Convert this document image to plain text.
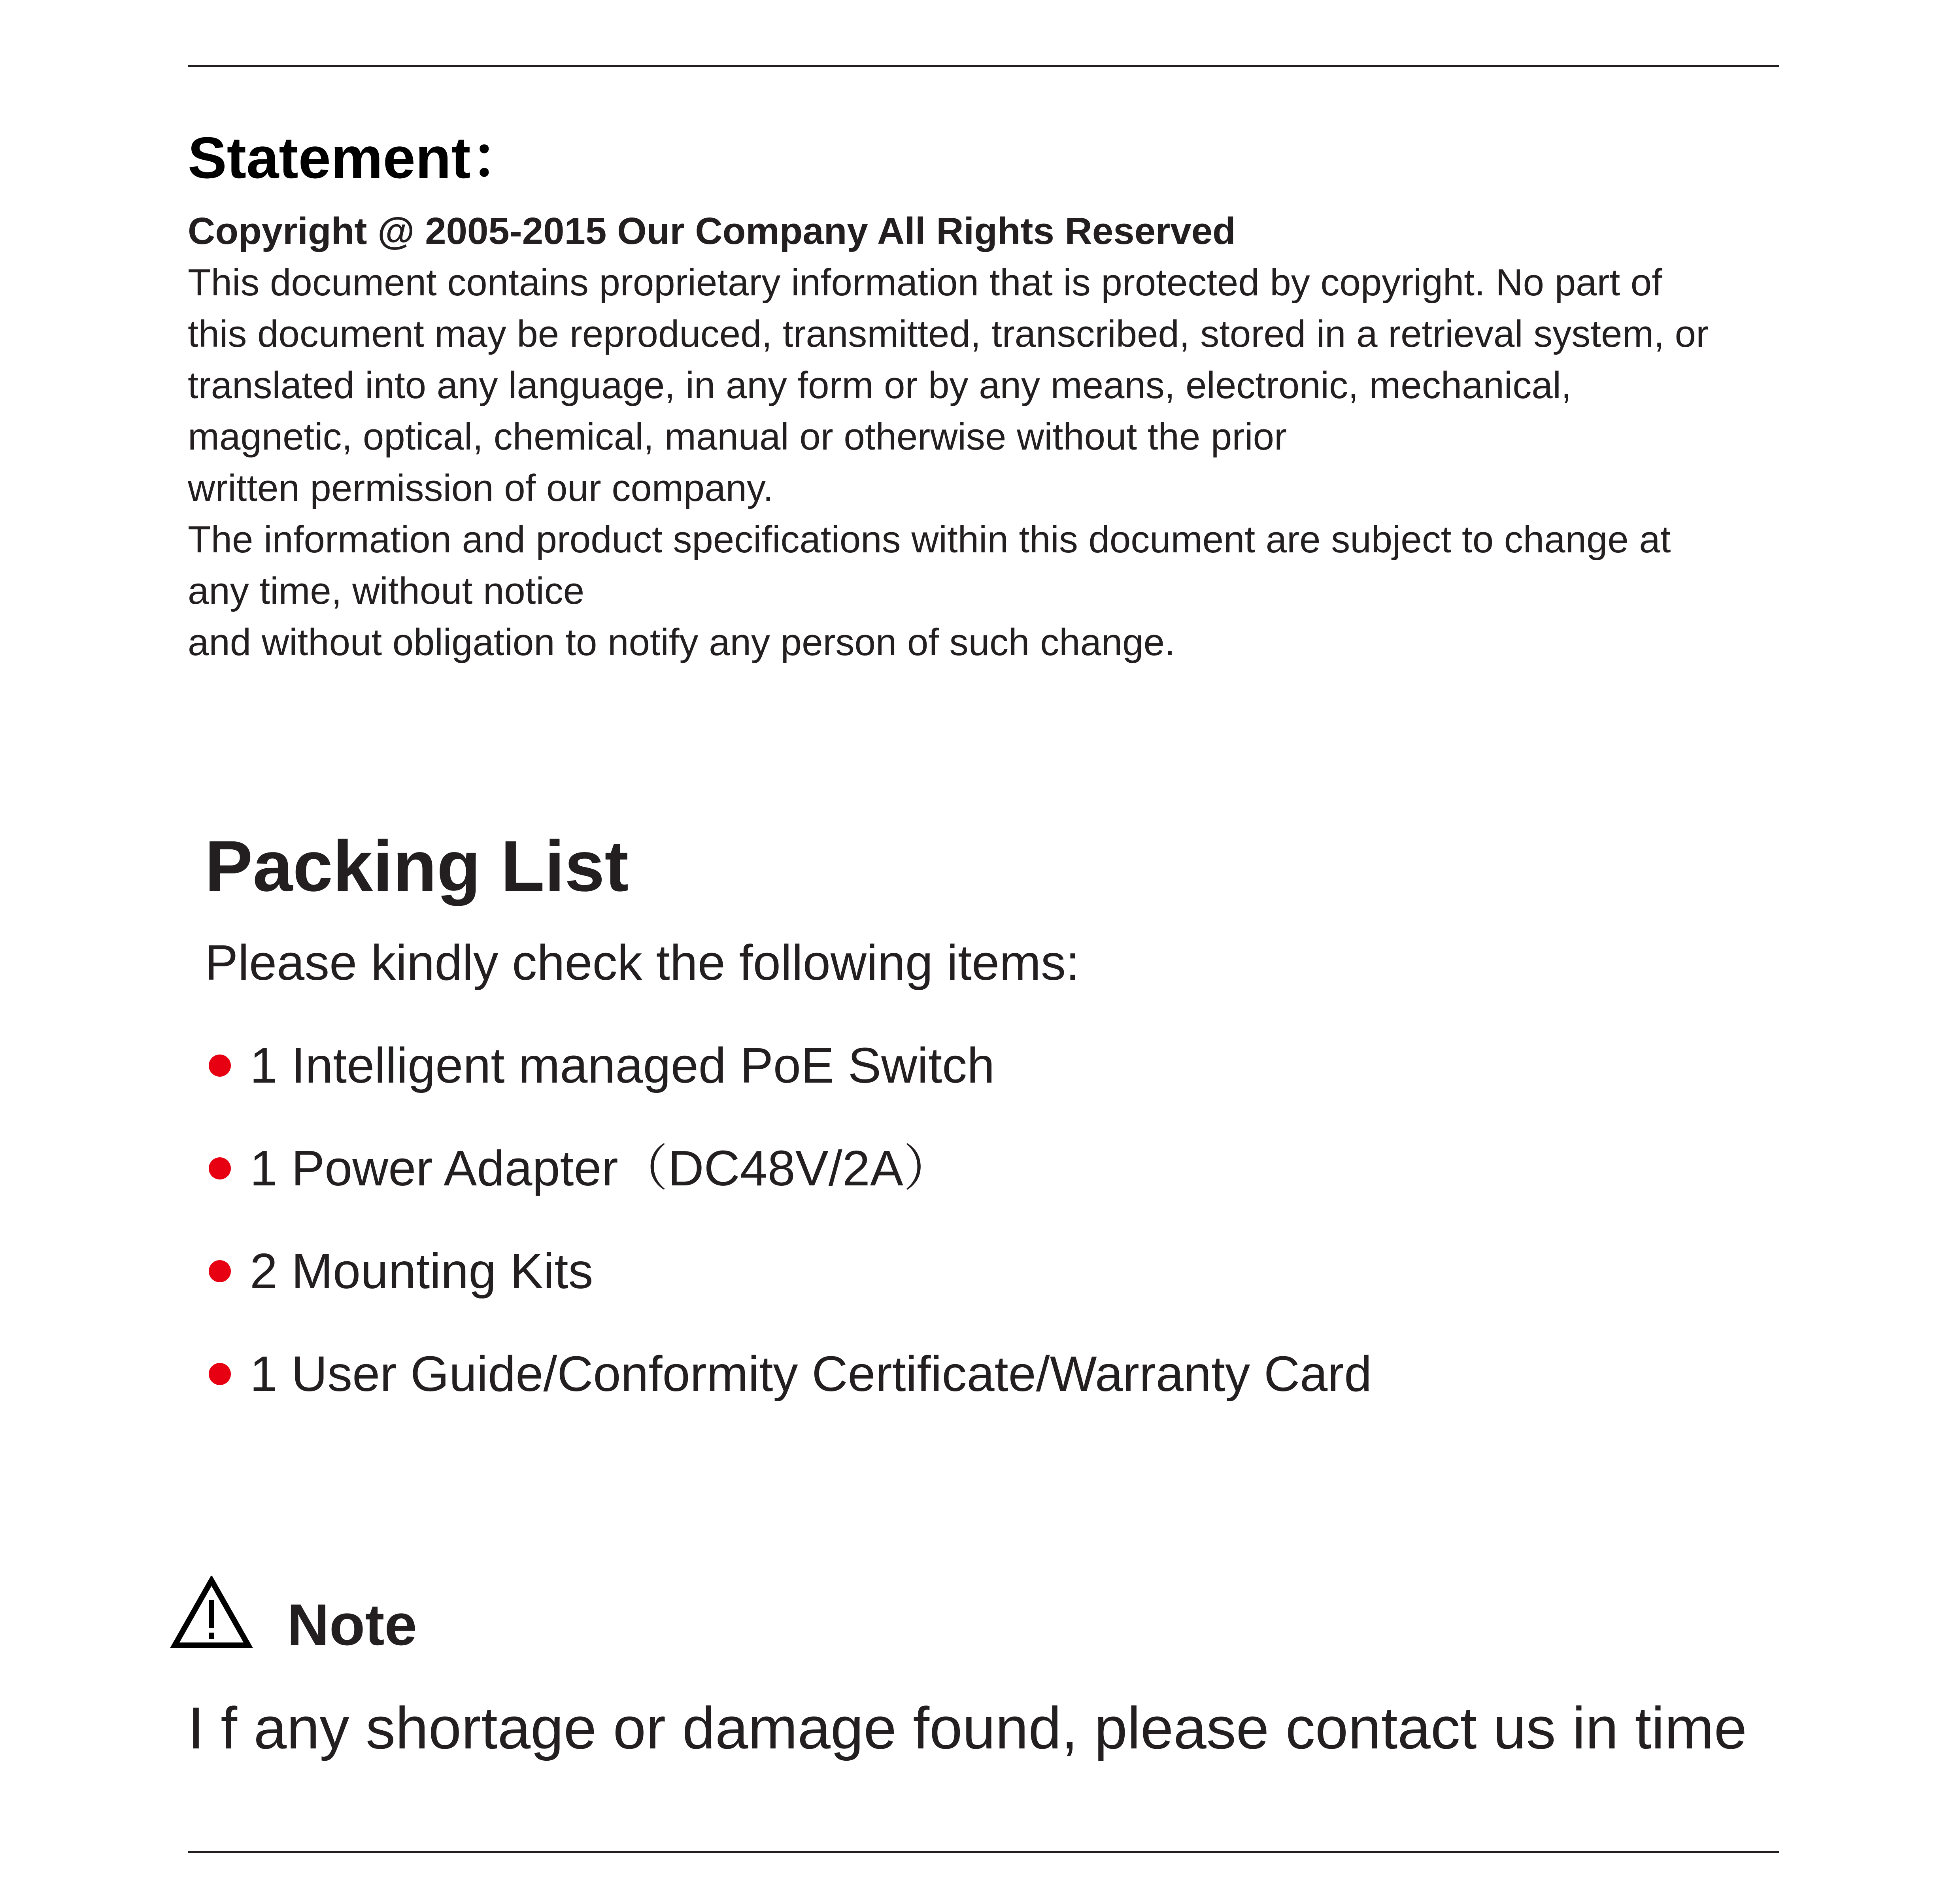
Statement：
Copyright @ 2005-2015 Our Company All Rights Reserved
This document contains proprietary information that is protected by copyright. No part of
this document may be reproduced, transmitted, transcribed, stored in a retrieval system, or
translated into any language, in any form or by any means, electronic, mechanical,
magnetic, optical, chemical, manual or otherwise without the prior
written permission of our company.
The information and product specifications within this document are subject to change at
any time, without notice
and without obligation to notify any person of such change.
Packing List
Please kindly check the following items:
1 Intelligent managed PoE Switch
1 Power Adapter（DC48V/2A）
2 Mounting Kits
1 User Guide/Conformity Certificate/Warranty Card
Note
I f any shortage or damage found, please contact us in time
